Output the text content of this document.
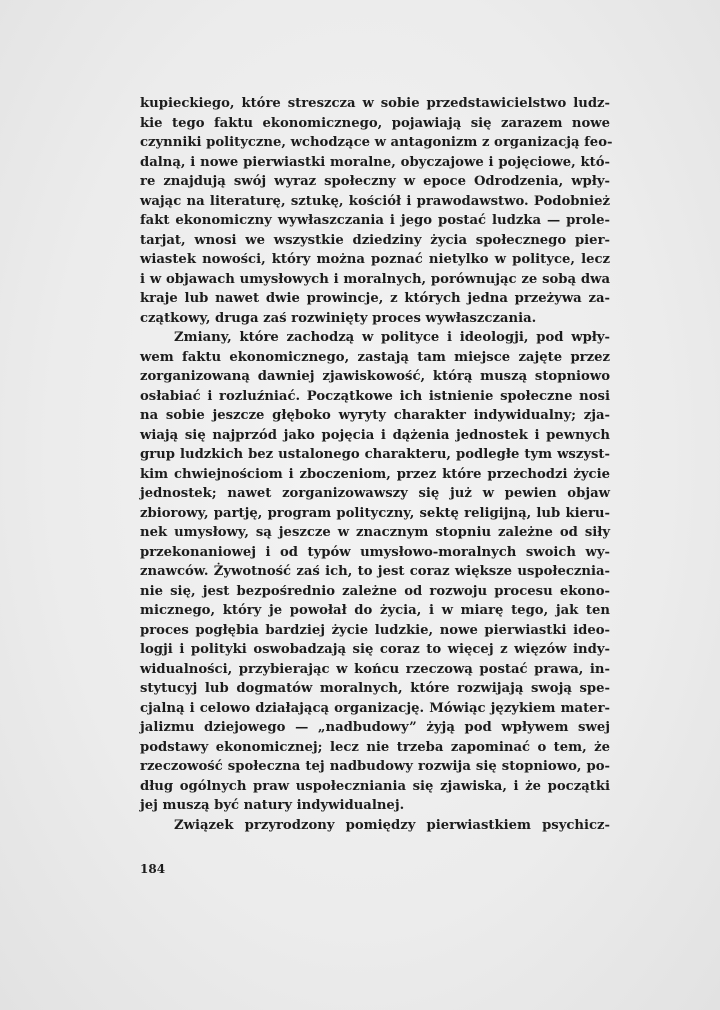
kupieckiego, które streszcza w sobie przedstawicielstwo ludz-
kie tego faktu ekonomicznego, pojawiają się zarazem nowe
czynniki polityczne, wchodzące w antagonizm z organizacją feo-
dalną, i nowe pierwiastki moralne, obyczajowe i pojęciowe, któ-
re znajdują swój wyraz społeczny w epoce Odrodzenia, wpły-
wając na literaturę, sztukę, kościół i prawodawstwo. Podobnież
fakt ekonomiczny wywłaszczania i jego postać ludzka — prole-
tarjat, wnosi we wszystkie dziedziny życia społecznego pier-
wiastek nowości, który można poznać nietylko w polityce, lecz
i w objawach umysłowych i moralnych, porównując ze sobą dwa
kraje lub nawet dwie prowincje, z których jedna przeżywa za-
czątkowy, druga zaś rozwinięty proces wywłaszczania.
Zmiany, które zachodzą w polityce i ideologji, pod wpły-
wem faktu ekonomicznego, zastają tam miejsce zajęte przez
zorganizowaną dawniej zjawiskowość, którą muszą stopniowo
osłabiać i rozluźniać. Początkowe ich istnienie społeczne nosi
na sobie jeszcze głęboko wyryty charakter indywidualny; zja-
wiają się najprzód jako pojęcia i dążenia jednostek i pewnych
grup ludzkich bez ustalonego charakteru, podległe tym wszyst-
kim chwiejnościom i zboczeniom, przez które przechodzi życie
jednostek; nawet zorganizowawszy się już w pewien objaw
zbiorowy, partję, program polityczny, sektę religijną, lub kieru-
nek umysłowy, są jeszcze w znacznym stopniu zależne od siły
przekonaniowej i od typów umysłowo-moralnych swoich wy-
znawców. Żywotność zaś ich, to jest coraz większe uspołecznia-
nie się, jest bezpośrednio zależne od rozwoju procesu ekono-
micznego, który je powołał do życia, i w miarę tego, jak ten
proces pogłębia bardziej życie ludzkie, nowe pierwiastki ideo-
logji i polityki oswobadzają się coraz to więcej z więzów indy-
widualności, przybierając w końcu rzeczową postać prawa, in-
stytucyj lub dogmatów moralnych, które rozwijają swoją spe-
cjalną i celowo działającą organizację. Mówiąc językiem mater-
jalizmu dziejowego — „nadbudowy” żyją pod wpływem swej
podstawy ekonomicznej; lecz nie trzeba zapominać o tem, że
rzeczowość społeczna tej nadbudowy rozwija się stopniowo, po-
dług ogólnych praw uspołeczniania się zjawiska, i że początki
jej muszą być natury indywidualnej.
Związek przyrodzony pomiędzy pierwiastkiem psychicz-
184
